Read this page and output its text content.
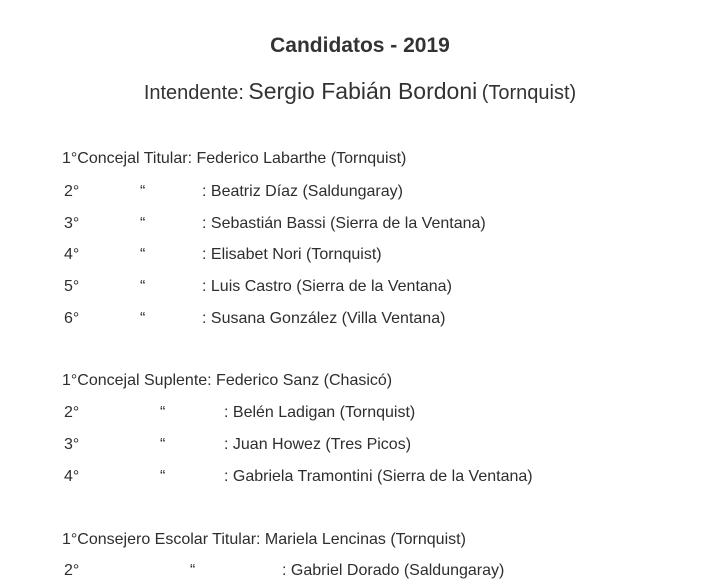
Candidatos - 2019
Intendente: Sergio Fabián Bordoni (Tornquist)
1°Concejal Titular: Federico Labarthe (Tornquist)
2°	“	: Beatriz Díaz (Saldungaray)
3°	“	: Sebastián Bassi (Sierra de la Ventana)
4°	“	: Elisabet Nori (Tornquist)
5°	“	: Luis Castro (Sierra de la Ventana)
6°	“	: Susana González (Villa Ventana)
1°Concejal Suplente: Federico Sanz (Chasicó)
2°	“	: Belén Ladigan (Tornquist)
3°	“	: Juan Howez (Tres Picos)
4°	“	: Gabriela Tramontini (Sierra de la Ventana)
1°Consejero Escolar Titular: Mariela Lencinas (Tornquist)
2°	“	: Gabriel Dorado (Saldungaray)
